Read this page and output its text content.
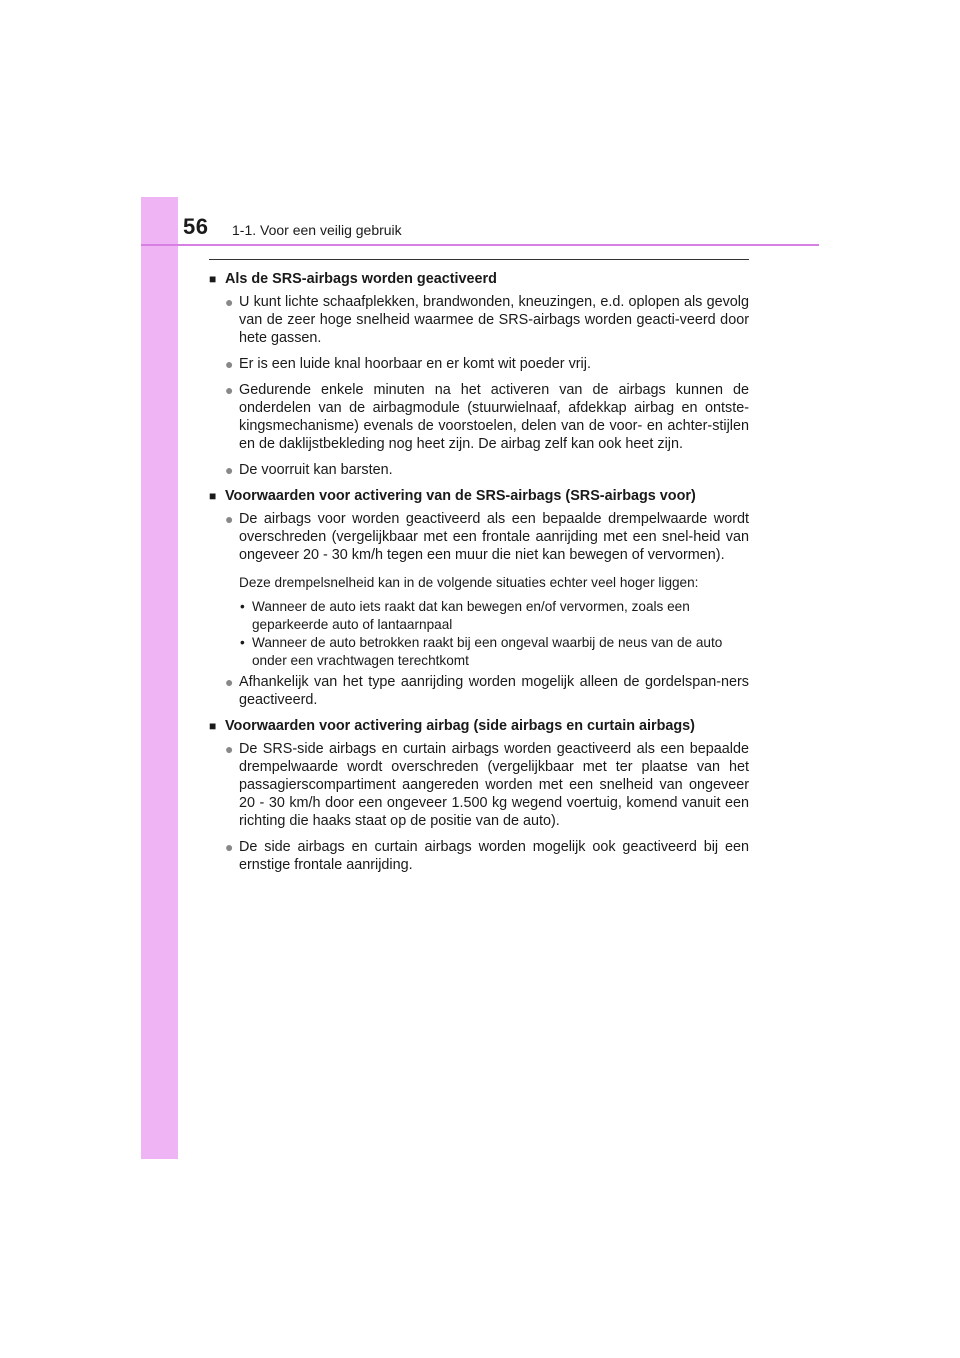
56 1-1. Voor een veilig gebruik
■ Als de SRS-airbags worden geactiveerd
● U kunt lichte schaafplekken, brandwonden, kneuzingen, e.d. oplopen als gevolg van de zeer hoge snelheid waarmee de SRS-airbags worden geacti-veerd door hete gassen.
● Er is een luide knal hoorbaar en er komt wit poeder vrij.
● Gedurende enkele minuten na het activeren van de airbags kunnen de onderdelen van de airbagmodule (stuurwielnaaf, afdekkap airbag en ontste-kingsmechanisme) evenals de voorstoelen, delen van de voor- en achter-stijlen en de daklijstbekleding nog heet zijn. De airbag zelf kan ook heet zijn.
● De voorruit kan barsten.
■ Voorwaarden voor activering van de SRS-airbags (SRS-airbags voor)
● De airbags voor worden geactiveerd als een bepaalde drempelwaarde wordt overschreden (vergelijkbaar met een frontale aanrijding met een snel-heid van ongeveer 20 - 30 km/h tegen een muur die niet kan bewegen of vervormen).
Deze drempelsnelheid kan in de volgende situaties echter veel hoger liggen:
• Wanneer de auto iets raakt dat kan bewegen en/of vervormen, zoals een geparkeerde auto of lantaarnpaal
• Wanneer de auto betrokken raakt bij een ongeval waarbij de neus van de auto onder een vrachtwagen terechtkomt
● Afhankelijk van het type aanrijding worden mogelijk alleen de gordelspan-ners geactiveerd.
■ Voorwaarden voor activering airbag (side airbags en curtain airbags)
● De SRS-side airbags en curtain airbags worden geactiveerd als een bepaalde drempelwaarde wordt overschreden (vergelijkbaar met ter plaatse van het passagierscompartiment aangereden worden met een snelheid van ongeveer 20 - 30 km/h door een ongeveer 1.500 kg wegend voertuig, komend vanuit een richting die haaks staat op de positie van de auto).
● De side airbags en curtain airbags worden mogelijk ook geactiveerd bij een ernstige frontale aanrijding.
